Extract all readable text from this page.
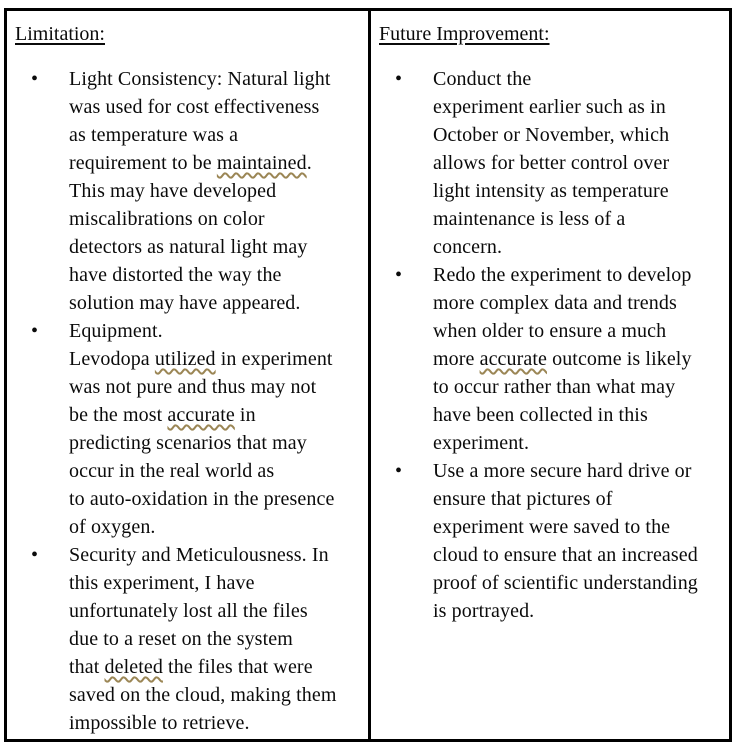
Limitation:
•	Light Consistency: Natural light
was used for cost effectiveness
as temperature was a
requirement to be maintained.
This may have developed
miscalibrations on color
detectors as natural light may
have distorted the way the
solution may have appeared.
•	Equipment.
Levodopa utilized in experiment
was not pure and thus may not
be the most accurate in
predicting scenarios that may
occur in the real world as
to auto-oxidation in the presence
of oxygen.
•	Security and Meticulousness. In
this experiment, I have
unfortunately lost all the files
due to a reset on the system
that deleted the files that were
saved on the cloud, making them
impossible to retrieve.
Future Improvement:
•	Conduct the
experiment earlier such as in
October or November, which
allows for better control over
light intensity as temperature
maintenance is less of a
concern.
•	Redo the experiment to develop
more complex data and trends
when older to ensure a much
more accurate outcome is likely
to occur rather than what may
have been collected in this
experiment.
•	Use a more secure hard drive or
ensure that pictures of
experiment were saved to the
cloud to ensure that an increased
proof of scientific understanding
is portrayed.
